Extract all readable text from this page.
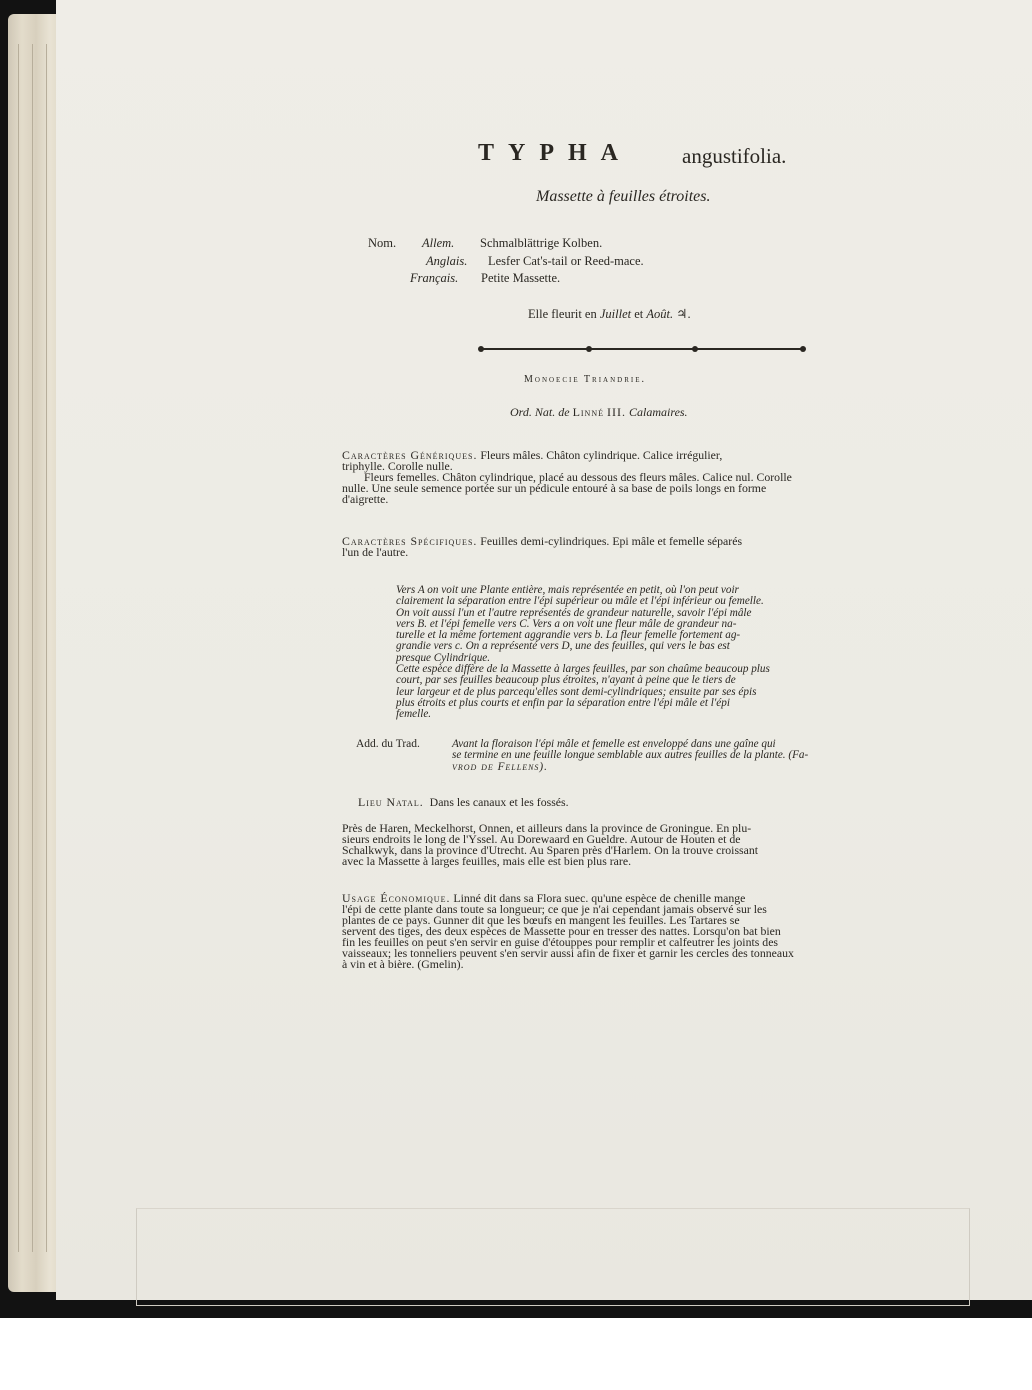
TYPHA angustifolia.
Massette à feuilles étroites.
Nom. Allem. Schmalblättrige Kolben.
Anglais. Lesfer Cat's-tail or Reed-mace.
Français. Petite Massette.
Elle fleurit en Juillet et Août. ♃.
Monoecie Triandrie.
Ord. Nat. de Linné III. Calamaires.
Caractères Génériques. Fleurs mâles. Châton cylindrique. Calice irrégulier,
triphylle. Corolle nulle.
Fleurs femelles. Châton cylindrique, placé au dessous des fleurs mâles. Calice nul. Corolle
nulle. Une seule semence portée sur un pédicule entouré à sa base de poils longs en forme
d'aigrette.
Caractères Spécifiques. Feuilles demi-cylindriques. Epi mâle et femelle séparés
l'un de l'autre.
Vers A on voit une Plante entière, mais représentée en petit, où l'on peut voir
clairement la séparation entre l'épi supérieur ou mâle et l'épi inférieur ou femelle.
On voit aussi l'un et l'autre représentés de grandeur naturelle, savoir l'épi mâle
vers B. et l'épi femelle vers C. Vers a on voit une fleur mâle de grandeur na-
turelle et la même fortement aggrandie vers b. La fleur femelle fortement ag-
grandie vers c. On a représenté vers D, une des feuilles, qui vers le bas est
presque Cylindrique.
Cette espèce diffère de la Massette à larges feuilles, par son chaûme beaucoup plus
court, par ses feuilles beaucoup plus étroites, n'ayant à peine que le tiers de
leur largeur et de plus parcequ'elles sont demi-cylindriques; ensuite par ses épis
plus étroits et plus courts et enfin par la séparation entre l'épi mâle et l'épi
femelle.
Add. du Trad.	Avant la floraison l'épi mâle et femelle est enveloppé dans une gaîne qui
se termine en une feuille longue semblable aux autres feuilles de la plante. (Fa-
vrod de Fellens).
Lieu Natal. Dans les canaux et les fossés.
Près de Haren, Meckelhorst, Onnen, et ailleurs dans la province de Groningue. En plu-
sieurs endroits le long de l'Yssel. Au Dorewaard en Gueldre. Autour de Houten et de
Schalkwyk, dans la province d'Utrecht. Au Sparen près d'Harlem. On la trouve croissant
avec la Massette à larges feuilles, mais elle est bien plus rare.
Usage Économique. Linné dit dans sa Flora suec. qu'une espèce de chenille mange
l'épi de cette plante dans toute sa longueur; ce que je n'ai cependant jamais observé sur les
plantes de ce pays. Gunner dit que les bœufs en mangent les feuilles. Les Tartares se
servent des tiges, des deux espèces de Massette pour en tresser des nattes. Lorsqu'on bat bien
fin les feuilles on peut s'en servir en guise d'étouppes pour remplir et calfeutrer les joints des
vaisseaux; les tonneliers peuvent s'en servir aussi afin de fixer et garnir les cercles des tonneaux
à vin et à bière. (Gmelin).
